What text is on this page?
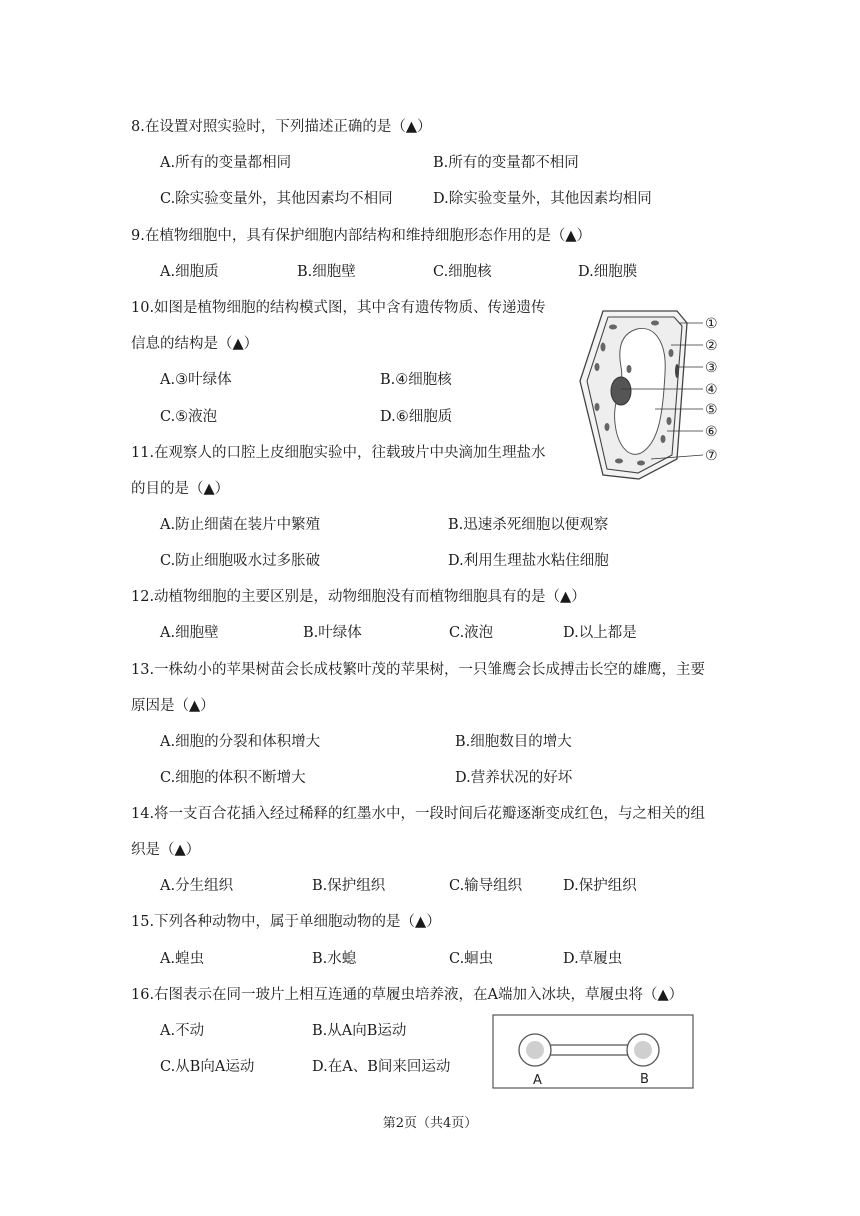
8.在设置对照实验时，下列描述正确的是（▲）
A.所有的变量都相同	B.所有的变量都不相同
C.除实验变量外，其他因素均不相同	D.除实验变量外，其他因素均相同
9.在植物细胞中，具有保护细胞内部结构和维持细胞形态作用的是（▲）
A.细胞质	B.细胞壁	C.细胞核	D.细胞膜
10.如图是植物细胞的结构模式图，其中含有遗传物质、传递遗传
信息的结构是（▲）
A.③叶绿体	B.④细胞核
C.⑤液泡	D.⑥细胞质
①
②
③
④
⑤
⑥
⑦
11.在观察人的口腔上皮细胞实验中，往载玻片中央滴加生理盐水
的目的是（▲）
A.防止细菌在装片中繁殖	B.迅速杀死细胞以便观察
C.防止细胞吸水过多胀破	D.利用生理盐水粘住细胞
12.动植物细胞的主要区别是，动物细胞没有而植物细胞具有的是（▲）
A.细胞壁	B.叶绿体	C.液泡	D.以上都是
13.一株幼小的苹果树苗会长成枝繁叶茂的苹果树，一只雏鹰会长成搏击长空的雄鹰，主要
原因是（▲）
A.细胞的分裂和体积增大	B.细胞数目的增大
C.细胞的体积不断增大	D.营养状况的好坏
14.将一支百合花插入经过稀释的红墨水中，一段时间后花瓣逐渐变成红色，与之相关的组
织是（▲）
A.分生组织	B.保护组织	C.输导组织	D.保护组织
15.下列各种动物中，属于单细胞动物的是（▲）
A.蝗虫	B.水螅	C.蛔虫	D.草履虫
16.右图表示在同一玻片上相互连通的草履虫培养液，在A端加入冰块，草履虫将（▲）
A.不动	B.从A向B运动
C.从B向A运动	D.在A、B间来回运动
A	B
第2页（共4页）
